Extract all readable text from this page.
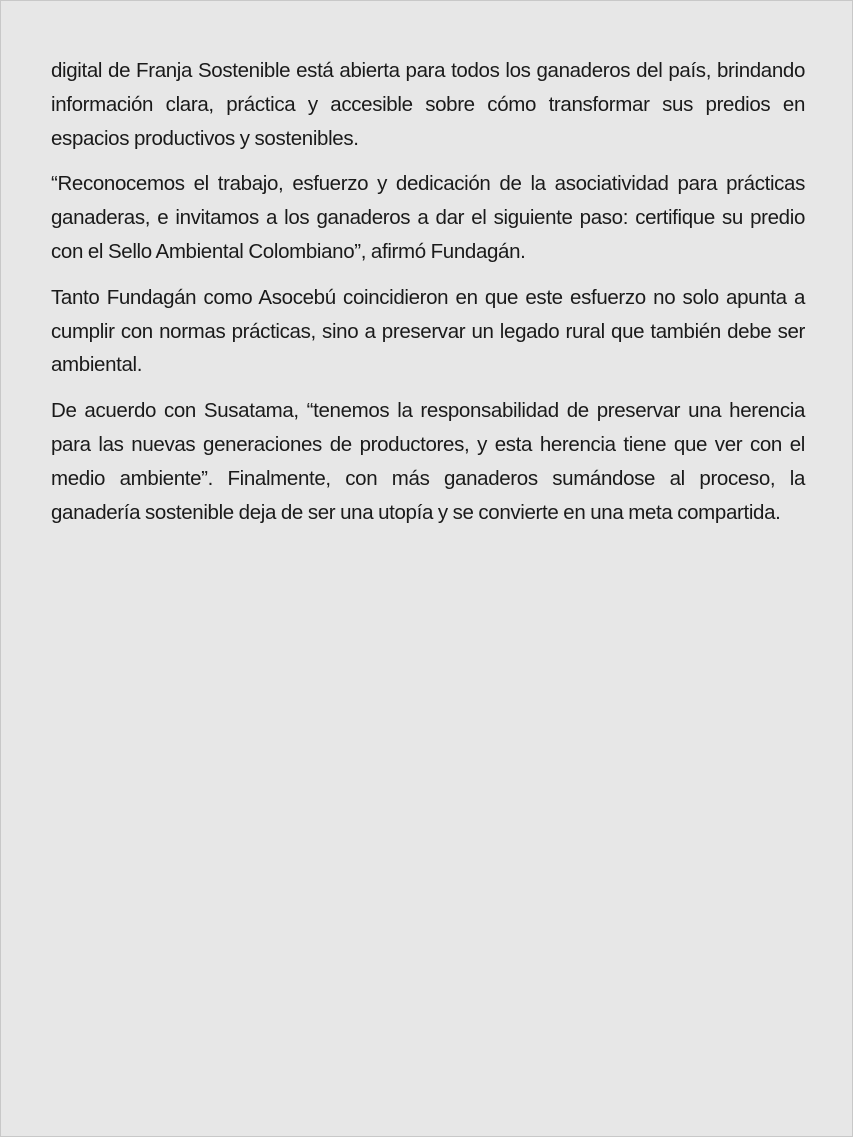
digital de Franja Sostenible está abierta para todos los ganaderos del país, brindando información clara, práctica y accesible sobre cómo transformar sus predios en espacios productivos y sostenibles.

“Reconocemos el trabajo, esfuerzo y dedicación de la asociatividad para prácticas ganaderas, e invitamos a los ganaderos a dar el siguiente paso: certifique su predio con el Sello Ambiental Colombiano”, afirmó Fundagán.

Tanto Fundagán como Asocebú coincidieron en que este esfuerzo no solo apunta a cumplir con normas prácticas, sino a preservar un legado rural que también debe ser ambiental.

De acuerdo con Susatama, “tenemos la responsabilidad de preservar una herencia para las nuevas generaciones de productores, y esta herencia tiene que ver con el medio ambiente”. Finalmente, con más ganaderos sumándose al proceso, la ganadería sostenible deja de ser una utopía y se convierte en una meta compartida.
